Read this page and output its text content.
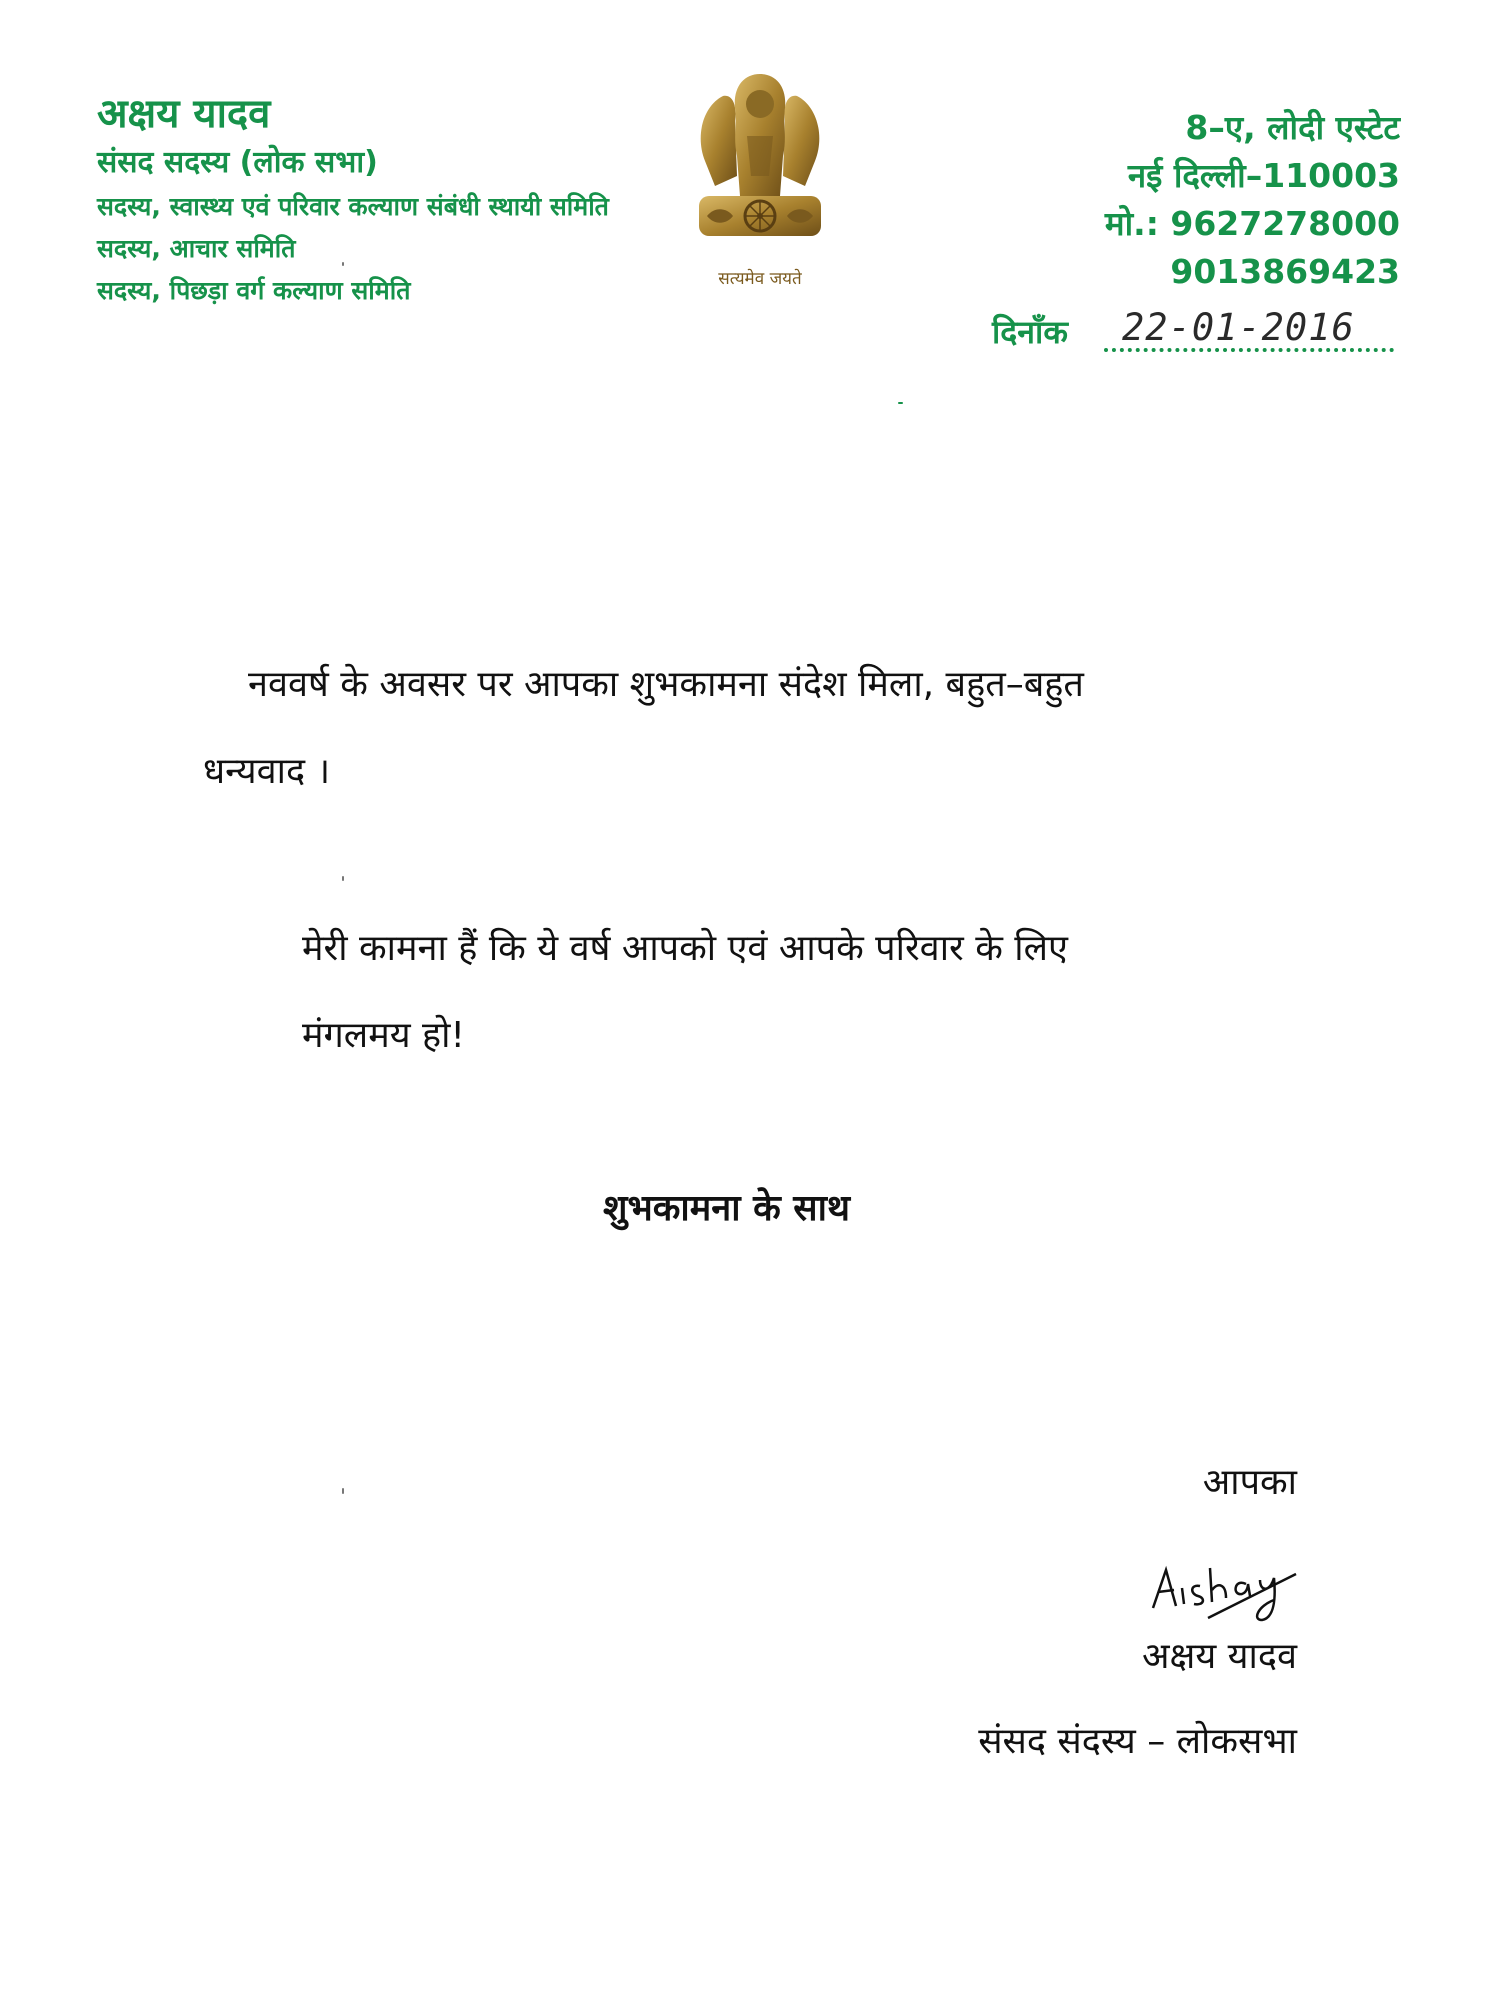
अक्षय यादव
संसद सदस्य (लोक सभा)
सदस्य, स्वास्थ्य एवं परिवार कल्याण संबंधी स्थायी समिति
सदस्य, आचार समिति
सदस्य, पिछड़ा वर्ग कल्याण समिति	सत्यमेव जयते
8–ए, लोदी एस्टेट
नई दिल्ली–110003
मो.: 9627278000
9013869423
दिनाँक 22-01-2016
नववर्ष के अवसर पर आपका शुभकामना संदेश मिला, बहुत–बहुत
धन्यवाद ।
मेरी कामना हैं कि ये वर्ष आपको एवं आपके परिवार के लिए
मंगलमय हो!
शुभकामना के साथ
आपका
अक्षय यादव
संसद संदस्य – लोकसभा
